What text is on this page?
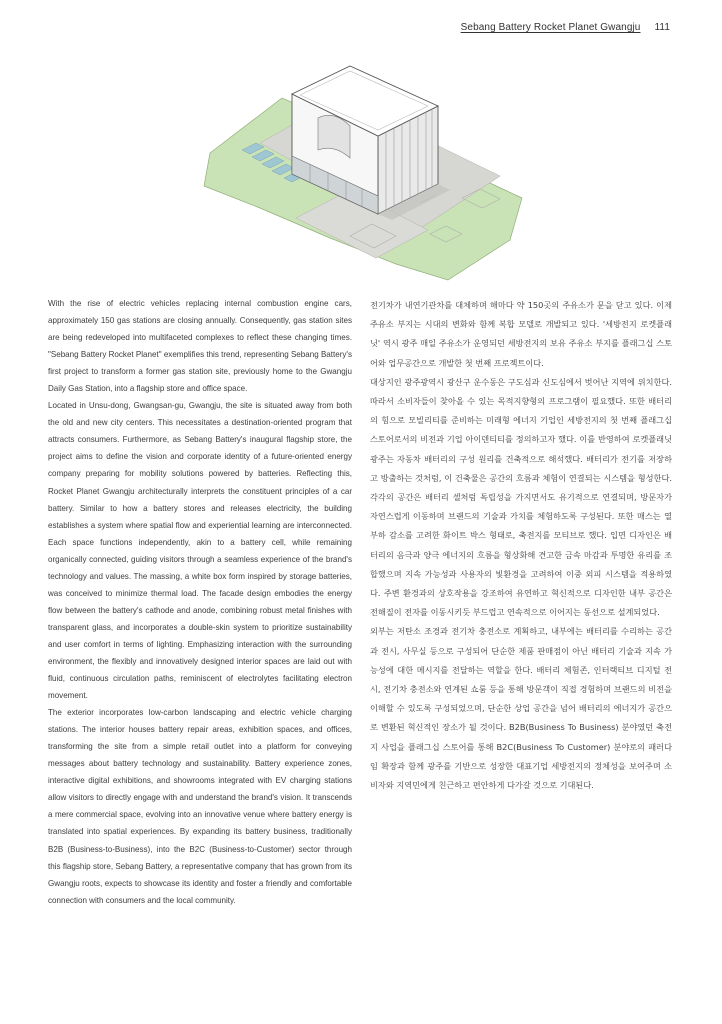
Sebang Battery Rocket Planet Gwangju 111

With the rise of electric vehicles replacing internal combustion engine cars, approximately 150 gas stations are closing annually. Consequently, gas station sites are being redeveloped into multifaceted complexes to reflect these changing times. "Sebang Battery Rocket Planet" exemplifies this trend, representing Sebang Battery's first project to transform a former gas station site, previously home to the Gwangju Daily Gas Station, into a flagship store and office space.

Located in Unsu-dong, Gwangsan-gu, Gwangju, the site is situated away from both the old and new city centers. This necessitates a destination-oriented program that attracts consumers. Furthermore, as Sebang Battery's inaugural flagship store, the project aims to define the vision and corporate identity of a future-oriented energy company preparing for mobility solutions powered by batteries. Reflecting this, Rocket Planet Gwangju architecturally interprets the constituent principles of a car battery. Similar to how a battery stores and releases electricity, the building establishes a system where spatial flow and experiential learning are interconnected. Each space functions independently, akin to a battery cell, while remaining organically connected, guiding visitors through a seamless experience of the brand's technology and values. The massing, a white box form inspired by storage batteries, was conceived to minimize thermal load. The facade design embodies the energy flow between the battery's cathode and anode, combining robust metal finishes with transparent glass, and incorporates a double-skin system to prioritize sustainability and user comfort in terms of lighting. Emphasizing interaction with the surrounding environment, the flexibly and innovatively designed interior spaces are laid out with fluid, continuous circulation paths, reminiscent of electrolytes facilitating electron movement.

The exterior incorporates low-carbon landscaping and electric vehicle charging stations. The interior houses battery repair areas, exhibition spaces, and offices, transforming the site from a simple retail outlet into a platform for conveying messages about battery technology and sustainability. Battery experience zones, interactive digital exhibitions, and showrooms integrated with EV charging stations allow visitors to directly engage with and understand the brand's vision. It transcends a mere commercial space, evolving into an innovative venue where battery energy is translated into spatial experiences. By expanding its battery business, traditionally B2B (Business-to-Business), into the B2C (Business-to-Customer) sector through this flagship store, Sebang Battery, a representative company that has grown from its Gwangju roots, expects to showcase its identity and foster a friendly and comfortable connection with consumers and the local community.

전기차가 내연기관차를 대체하며 해마다 약 150곳의 주유소가 문을 닫고 있다. 이제 주유소 부지는 시대의 변화와 함께 복합 모델로 개발되고 있다. '세방전지 로켓플래닛' 역시 광주 매일 주유소가 운영되던 세방전지의 보유 주유소 부지를 플래그십 스토어와 업무공간으로 개발한 첫 번째 프로젝트이다.

대상지인 광주광역시 광산구 운수동은 구도심과 신도심에서 벗어난 지역에 위치한다. 따라서 소비자들이 찾아올 수 있는 목적지향형의 프로그램이 필요했다. 또한 배터리의 힘으로 모빌리티를 준비하는 미래형 에너지 기업인 세방전지의 첫 번째 플래그십 스토어로서의 비전과 기업 아이덴티티를 정의하고자 했다. 이를 반영하여 로켓플래닛 광주는 자동차 배터리의 구성 원리를 건축적으로 해석했다. 배터리가 전기를 저장하고 방출하는 것처럼, 이 건축물은 공간의 흐름과 체험이 연결되는 시스템을 형성한다. 각각의 공간은 배터리 셀처럼 독립성을 가지면서도 유기적으로 연결되며, 방문자가 자연스럽게 이동하며 브랜드의 기술과 가치를 체험하도록 구성된다. 또한 매스는 열부하 감소를 고려한 화이트 박스 형태로, 축전지를 모티브로 했다. 입면 디자인은 배터리의 음극과 양극 에너지의 흐름을 형상화해 견고한 금속 마감과 투명한 유리를 조합했으며 지속 가능성과 사용자의 빛환경을 고려하여 이중 외피 시스템을 적용하였다. 주변 환경과의 상호작용을 강조하여 유연하고 혁신적으로 디자인한 내부 공간은 전해질이 전자를 이동시키듯 부드럽고 연속적으로 이어지는 동선으로 설계되었다.

외부는 저탄소 조경과 전기차 충전소로 계획하고, 내부에는 배터리를 수리하는 공간과 전시, 사무실 등으로 구성되어 단순한 제품 판매점이 아닌 배터리 기술과 지속 가능성에 대한 메시지를 전달하는 역할을 한다. 배터리 체험존, 인터랙티브 디지털 전시, 전기차 충전소와 연계된 쇼룸 등을 통해 방문객이 직접 경험하며 브랜드의 비전을 이해할 수 있도록 구성되었으며, 단순한 상업 공간을 넘어 배터리의 에너지가 공간으로 변환된 혁신적인 장소가 될 것이다. B2B(Business To Business) 분야였던 축전지 사업을 플래그십 스토어를 통해 B2C(Business To Customer) 분야로의 패러다임 확장과 함께 광주를 기반으로 성장한 대표기업 세방전지의 정체성을 보여주며 소비자와 지역민에게 친근하고 편안하게 다가갈 것으로 기대된다.
